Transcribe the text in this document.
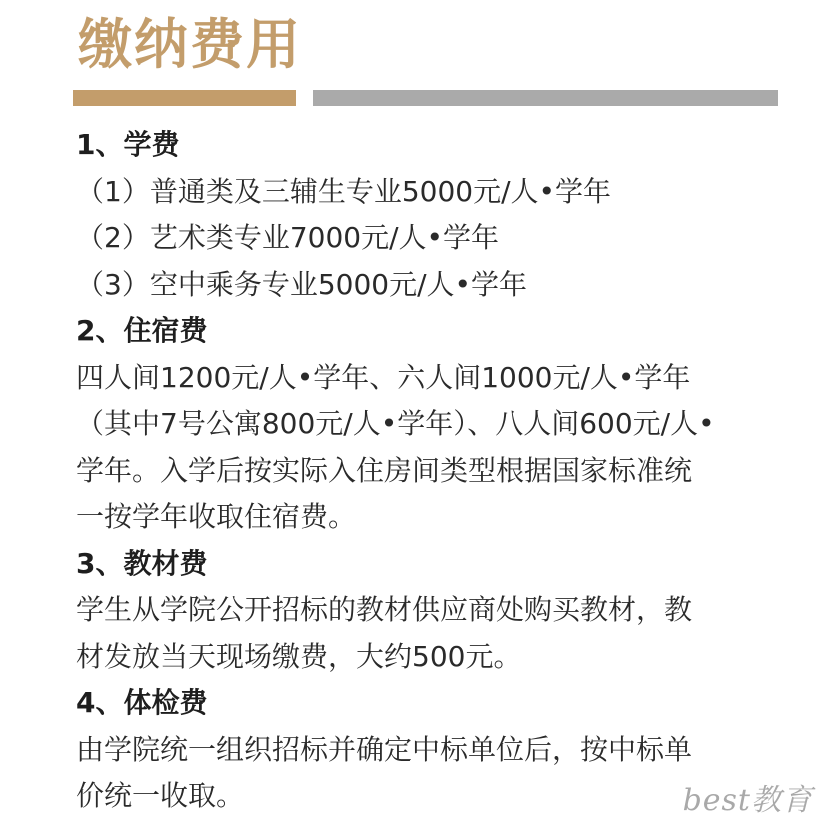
缴纳费用
1、学费
（1）普通类及三辅生专业5000元/人•学年
（2）艺术类专业7000元/人•学年
（3）空中乘务专业5000元/人•学年
2、住宿费
四人间1200元/人•学年、六人间1000元/人•学年
（其中7号公寓800元/人•学年）、八人间600元/人•
学年。入学后按实际入住房间类型根据国家标准统
一按学年收取住宿费。
3、教材费
学生从学院公开招标的教材供应商处购买教材，教
材发放当天现场缴费，大约500元。
4、体检费
由学院统一组织招标并确定中标单位后，按中标单
价统一收取。	best教育
